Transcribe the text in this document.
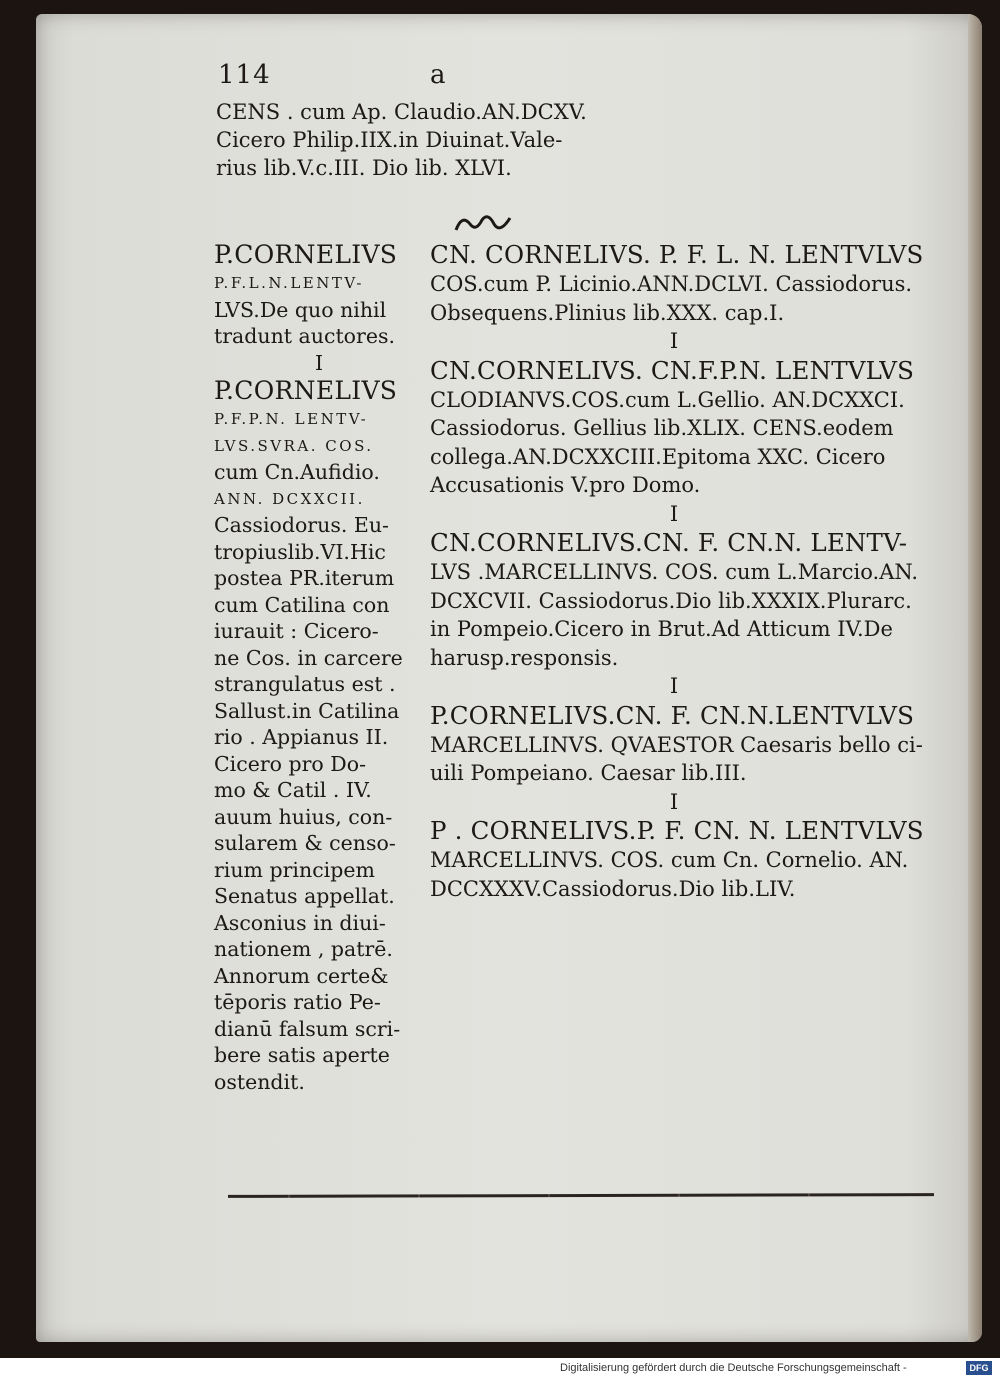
114	a
CENS . cum Ap. Claudio.AN.DCXV.
Cicero Philip.IIX.in Diuinat.Vale-
rius lib.V.c.III. Dio lib. XLVI.
P.CORNELIVS
P.F.L.N.LENTV-
LVS.De quo nihil
tradunt auctores.
I
P.CORNELIVS
P.F.P.N. LENTV-
LVS.SVRA. COS.
cum Cn.Aufidio.
ANN. DCXXCII.
Cassiodorus. Eu-
tropiuslib.VI.Hic
postea PR.iterum
cum Catilina con
iurauit : Cicero-
ne Cos. in carcere
strangulatus est .
Sallust.in Catilina
rio . Appianus II.
Cicero pro Do-
mo & Catil . IV.
auum huius, con-
sularem & censo-
rium principem
Senatus appellat.
Asconius in diui-
nationem , patrē.
Annorum certe&
tēporis ratio Pe-
dianū falsum scri-
bere satis aperte
ostendit.
CN. CORNELIVS. P. F. L. N. LENTVLVS
COS.cum P. Licinio.ANN.DCLVI. Cassiodorus.
Obsequens.Plinius lib.XXX. cap.I.
I
CN.CORNELIVS. CN.F.P.N. LENTVLVS
CLODIANVS.COS.cum L.Gellio. AN.DCXXCI.
Cassiodorus. Gellius lib.XLIX. CENS.eodem
collega.AN.DCXXCIII.Epitoma XXC. Cicero
Accusationis V.pro Domo.
I
CN.CORNELIVS.CN. F. CN.N. LENTV-
LVS .MARCELLINVS. COS. cum L.Marcio.AN.
DCXCVII. Cassiodorus.Dio lib.XXXIX.Plurarc.
in Pompeio.Cicero in Brut.Ad Atticum IV.De
harusp.responsis.
I
P.CORNELIVS.CN. F. CN.N.LENTVLVS
MARCELLINVS. QVAESTOR Caesaris bello ci-
uili Pompeiano. Caesar lib.III.
I
P . CORNELIVS.P. F. CN. N. LENTVLVS
MARCELLINVS. COS. cum Cn. Cornelio. AN.
DCCXXXV.Cassiodorus.Dio lib.LIV.
Digitalisierung gefördert durch die Deutsche Forschungsgemeinschaft -	DFG
